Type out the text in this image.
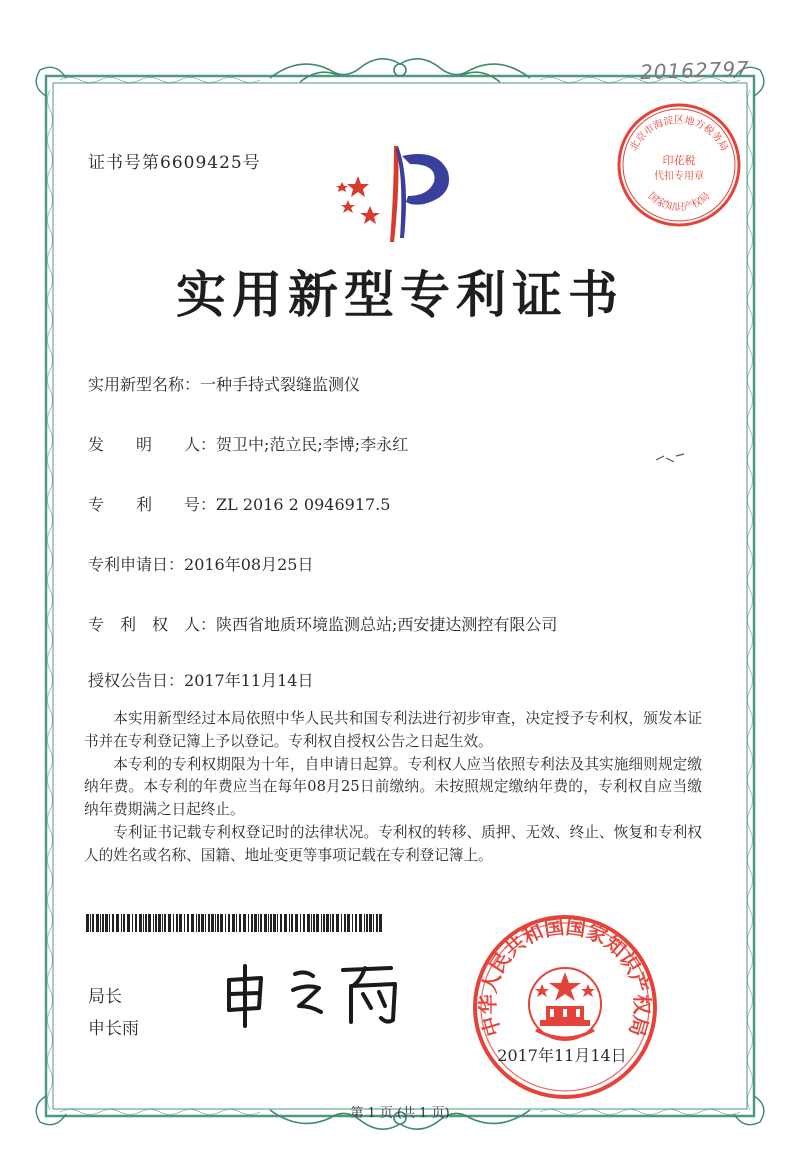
20162797
证书号第6609425号
北京市海淀区地方税务局
印花税
代扣专用章
国家知识产权局
实用新型专利证书
实用新型名称：一种手持式裂缝监测仪
发　　明　　人：贺卫中;范立民;李博;李永红
专　　利　　号：ZL 2016 2 0946917.5
专利申请日：2016年08月25日
专　利　权　人：陕西省地质环境监测总站;西安捷达测控有限公司
授权公告日：2017年11月14日

本实用新型经过本局依照中华人民共和国专利法进行初步审查，决定授予专利权，颁发本证书并在专利登记簿上予以登记。专利权自授权公告之日起生效。

本专利的专利权期限为十年，自申请日起算。专利权人应当依照专利法及其实施细则规定缴纳年费。本专利的年费应当在每年08月25日前缴纳。未按照规定缴纳年费的，专利权自应当缴纳年费期满之日起终止。

专利证书记载专利权登记时的法律状况。专利权的转移、质押、无效、终止、恢复和专利权人的姓名或名称、国籍、地址变更等事项记载在专利登记簿上。

局长
申长雨	中华人民共和国国家知识产权局
2017年11月14日
第 1 页 (共 1 页)
